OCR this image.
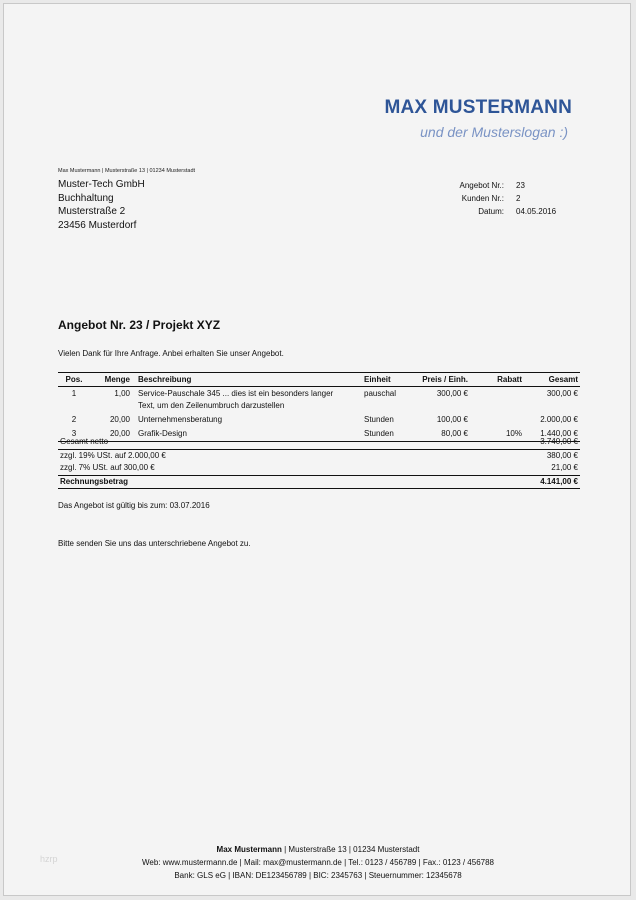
MAX MUSTERMANN
und der Musterslogan :)
Max Mustermann | Musterstraße 13 | 01234 Musterstadt
Muster-Tech GmbH
Buchhaltung
Musterstraße 2
23456 Musterdorf
Angebot Nr.: 23
Kunden Nr.: 2
Datum: 04.05.2016
Angebot Nr. 23 / Projekt XYZ
Vielen Dank für Ihre Anfrage. Anbei erhalten Sie unser Angebot.
Pos.	Menge	Beschreibung	Einheit	Preis / Einh.	Rabatt	Gesamt
1	1,00	Service-Pauschale 345 ... dies ist ein besonders langer
Text, um den Zeilenumbruch darzustellen	pauschal	300,00 €		300,00 €
2	20,00	Unternehmensberatung	Stunden	100,00 €		2.000,00 €
3	20,00	Grafik-Design	Stunden	80,00 €	10%	1.440,00 €
Gesamt netto	3.740,00 €
zzgl. 19% USt. auf 2.000,00 €	380,00 €
zzgl. 7% USt. auf 300,00 €	21,00 €
Rechnungsbetrag	4.141,00 €
Das Angebot ist gültig bis zum: 03.07.2016
Bitte senden Sie uns das unterschriebene Angebot zu.
hzrp
Max Mustermann | Musterstraße 13 | 01234 Musterstadt
Web: www.mustermann.de | Mail: max@mustermann.de | Tel.: 0123 / 456789 | Fax.: 0123 / 456788
Bank: GLS eG | IBAN: DE123456789 | BIC: 2345763 | Steuernummer: 12345678
